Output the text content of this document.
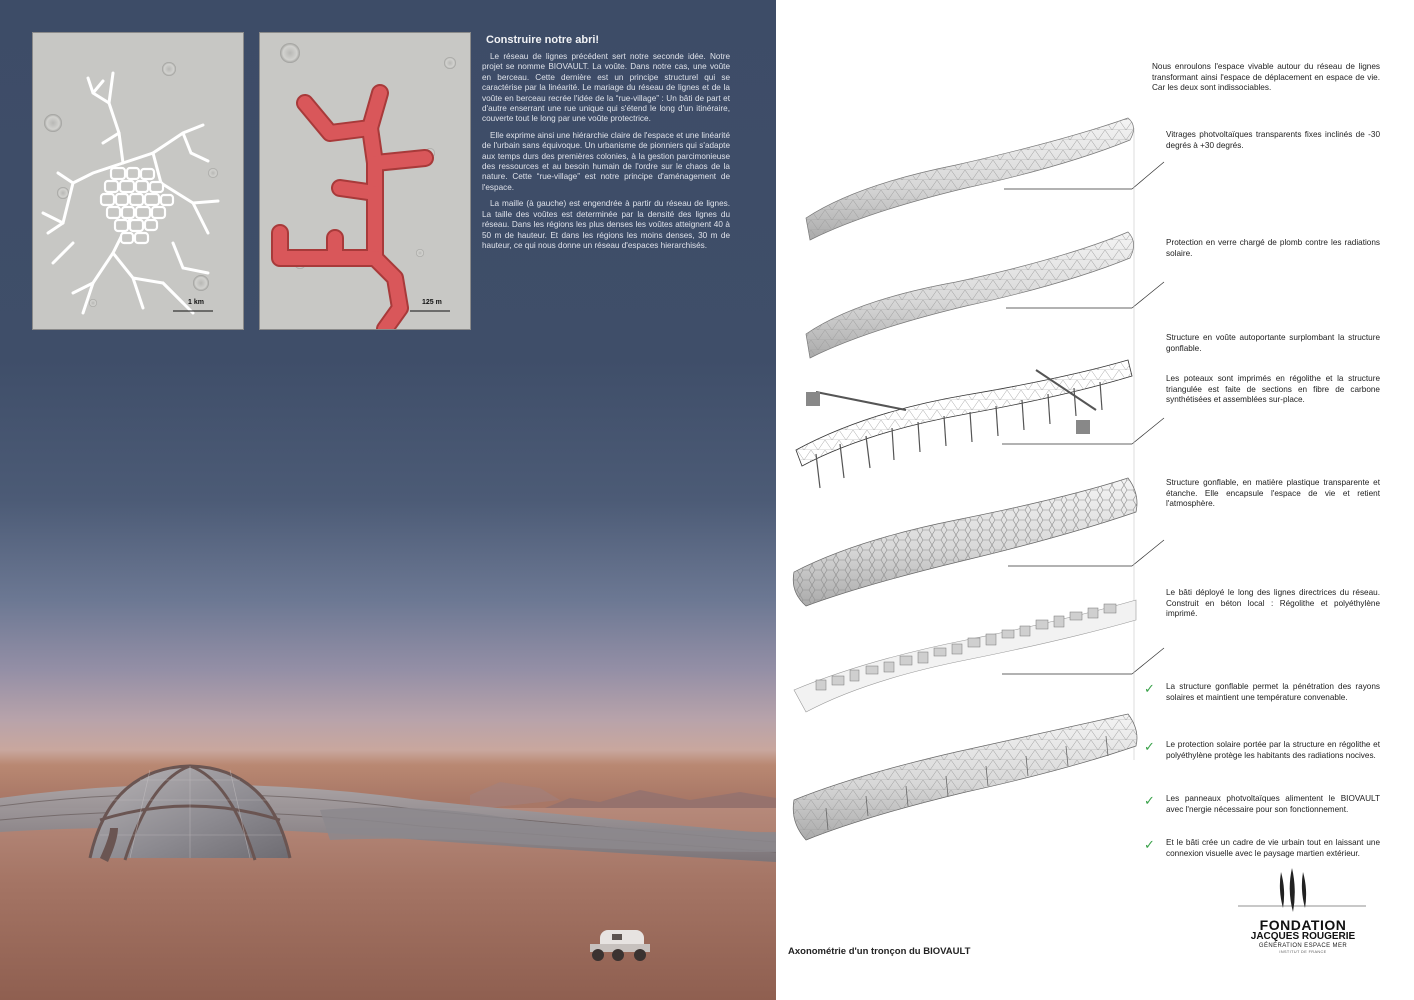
1 km	125 m
Construire notre abri!

Le réseau de lignes précédent sert notre seconde idée. Notre projet se nomme BIOVAULT. La voûte. Dans notre cas, une voûte en berceau. Cette dernière est un principe structurel qui se caractérise par la linéarité. Le mariage du réseau de lignes et de la voûte en berceau recrée l'idée de la “rue-village” : Un bâti de part et d'autre enserrant une rue unique qui s'étend le long d'un itinéraire, couverte tout le long par une voûte protectrice.

Elle exprime ainsi une hiérarchie claire de l'espace et une linéarité de l'urbain sans équivoque. Un urbanisme de pionniers qui s'adapte aux temps durs des premières colonies, à la gestion parcimonieuse des ressources et au besoin humain de l'ordre sur le chaos de la nature. Cette “rue-village” est notre principe d'aménagement de l'espace.

La maille (à gauche) est engendrée à partir du réseau de lignes. La taille des voûtes est determinée par la densité des lignes du réseau. Dans les régions les plus denses les voûtes atteignent 40 à 50 m de hauteur. Et dans les régions les moins denses, 30 m de hauteur, ce qui nous donne un réseau d'espaces hierarchisés.

Nous enroulons l'espace vivable autour du réseau de lignes transformant ainsi l'espace de déplacement en espace de vie. Car les deux sont indissociables.
Vitrages photvoltaïques transparents fixes inclinés de -30 degrés à +30 degrés.
Protection en verre chargé de plomb contre les radiations solaire.
Structure en voûte autoportante surplombant la structure gonflable.
Les poteaux sont imprimés en régolithe et la structure triangulée est faite de sections en fibre de carbone synthétisées et assemblées sur-place.
Structure gonflable, en matière plastique transparente et étanche. Elle encapsule l'espace de vie et retient l'atmosphère.
Le bâti déployé le long des lignes directrices du réseau. Construit en béton local : Régolithe et polyéthylène imprimé.
✓ La structure gonflable permet la pénétration des rayons solaires et maintient une température convenable.
✓ Le protection solaire portée par la structure en régolithe et polyéthylène protège les habitants des radiations nocives.
✓ Les panneaux photvoltaïques alimentent le BIOVAULT avec l'nergie nécessaire pour son fonctionnement.
✓ Et le bâti crée un cadre de vie urbain tout en laissant une connexion visuelle avec le paysage martien extérieur.
Axonométrie d'un tronçon du BIOVAULT
FONDATION
JACQUES ROUGERIE
GÉNÉRATION ESPACE MER
INSTITUT DE FRANCE
